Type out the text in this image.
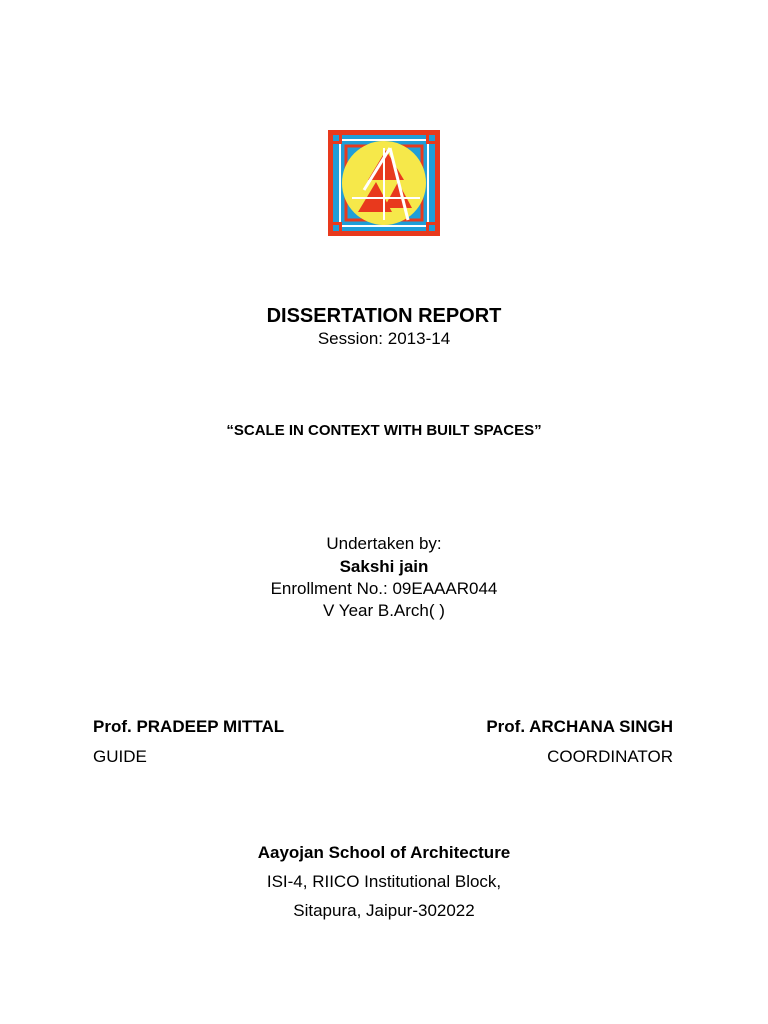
DISSERTATION REPORT
Session: 2013-14
“SCALE IN CONTEXT WITH BUILT SPACES”
Undertaken by:
Sakshi jain
Enrollment No.: 09EAAAR044
V Year B.Arch( )
Prof. PRADEEP MITTAL
GUIDE
Prof. ARCHANA SINGH
COORDINATOR
Aayojan School of Architecture
ISI-4, RIICO Institutional Block,
Sitapura, Jaipur-302022
